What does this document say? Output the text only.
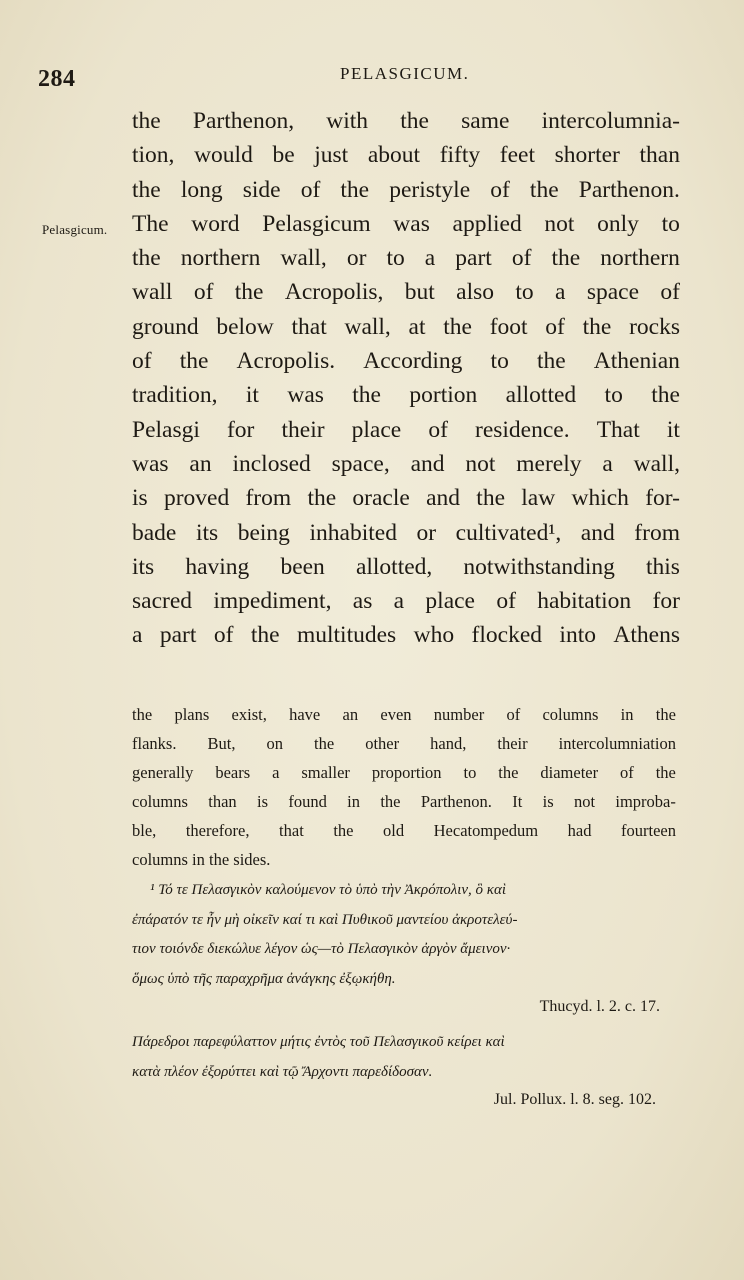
284	PELASGICUM.
Pelasgicum.
the Parthenon, with the same intercolumnia-
tion, would be just about fifty feet shorter than
the long side of the peristyle of the Parthenon.
The word Pelasgicum was applied not only to
the northern wall, or to a part of the northern
wall of the Acropolis, but also to a space of
ground below that wall, at the foot of the rocks
of the Acropolis. According to the Athenian
tradition, it was the portion allotted to the
Pelasgi for their place of residence. That it
was an inclosed space, and not merely a wall,
is proved from the oracle and the law which for-
bade its being inhabited or cultivated¹, and from
its having been allotted, notwithstanding this
sacred impediment, as a place of habitation for
a part of the multitudes who flocked into Athens
the plans exist, have an even number of columns in the
flanks. But, on the other hand, their intercolumniation
generally bears a smaller proportion to the diameter of the
columns than is found in the Parthenon. It is not improba-
ble, therefore, that the old Hecatompedum had fourteen
columns in the sides.
¹ Τό τε Πελασγικὸν καλούμενον τὸ ὑπὸ τὴν Ἀκρόπολιν, ὃ καὶ
ἐπάρατόν τε ἦν μὴ οἰκεῖν καί τι καὶ Πυθικοῦ μαντείου ἀκροτελεύ-
τιον τοιόνδε διεκώλυε λέγον ὡς—τὸ Πελασγικὸν ἀργὸν ἄμεινον·
ὅμως ὑπὸ τῆς παραχρῆμα ἀνάγκης ἐξῳκήθη.
Thucyd. l. 2. c. 17.
Πάρεδροι παρεφύλαττον μήτις ἐντὸς τοῦ Πελασγικοῦ κείρει καὶ
κατὰ πλέον ἐξορύττει καὶ τῷ Ἄρχοντι παρεδίδοσαν.
Jul. Pollux. l. 8. seg. 102.
